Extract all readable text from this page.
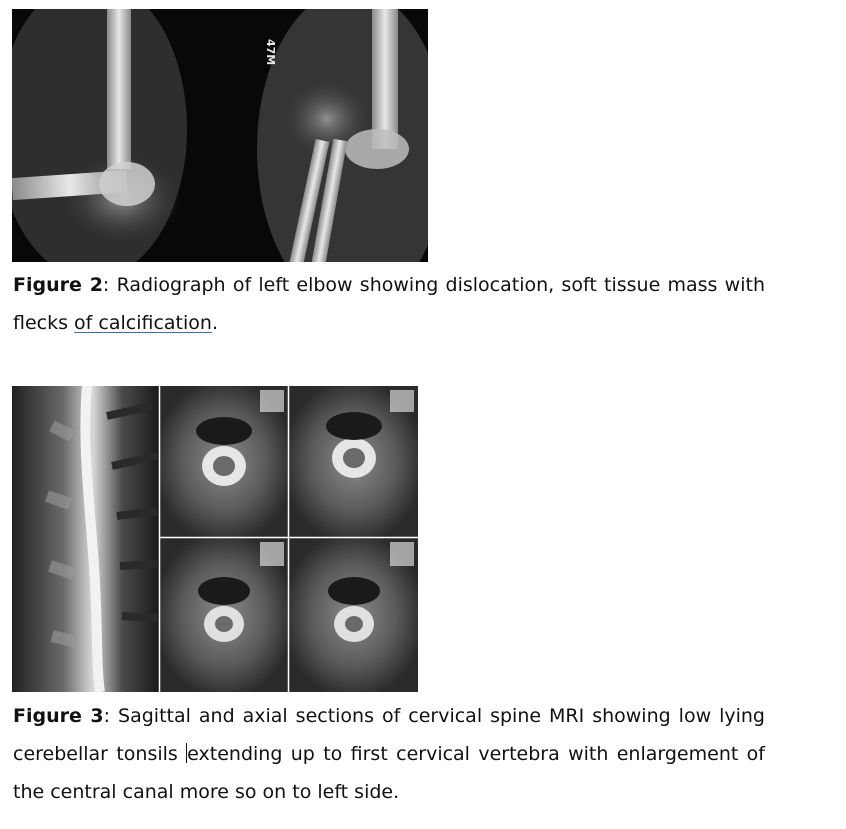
47M

Figure 2: Radiograph of left elbow showing dislocation, soft tissue mass with flecks of calcification.

Figure 3: Sagittal and axial sections of cervical spine MRI showing low lying cerebellar tonsils extending up to first cervical vertebra with enlargement of the central canal more so on to left side.
